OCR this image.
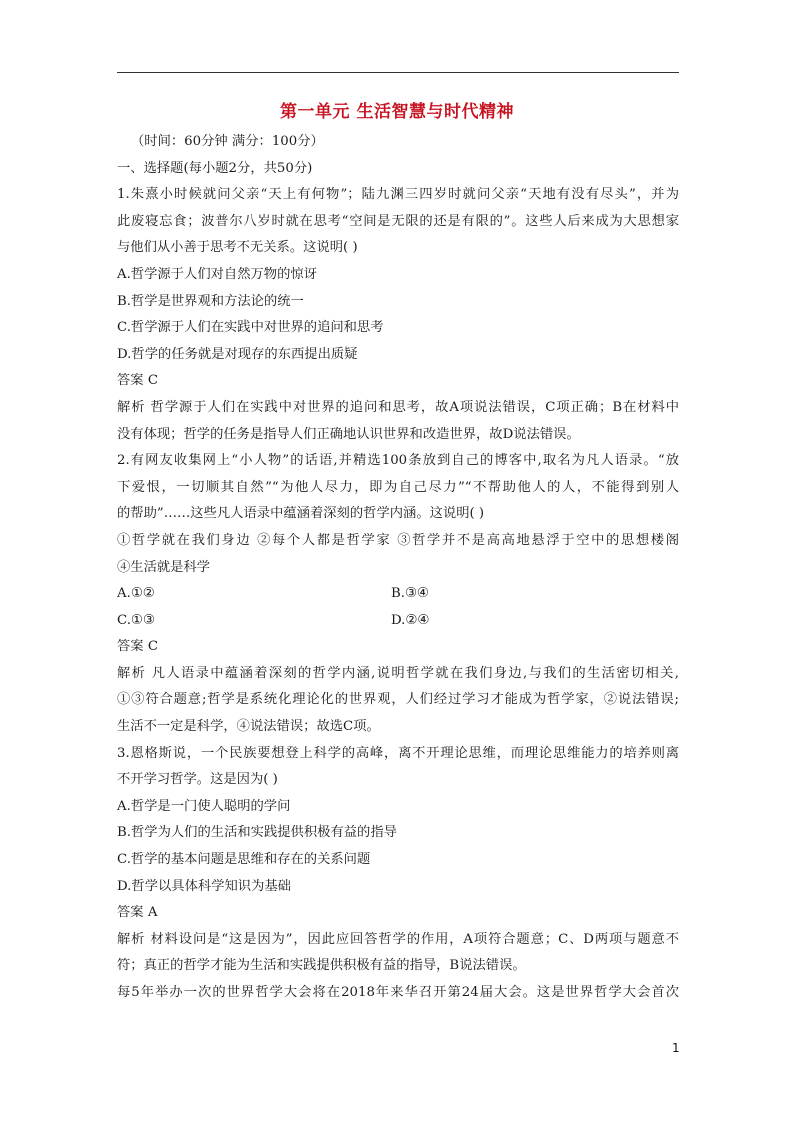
第一单元 生活智慧与时代精神
（时间：60分钟 满分：100分）
一、选择题(每小题2分，共50分)
1.朱熹小时候就问父亲“天上有何物”；陆九渊三四岁时就问父亲“天地有没有尽头”，并为
此废寝忘食；波普尔八岁时就在思考“空间是无限的还是有限的”。这些人后来成为大思想家
与他们从小善于思考不无关系。这说明( )
A.哲学源于人们对自然万物的惊讶
B.哲学是世界观和方法论的统一
C.哲学源于人们在实践中对世界的追问和思考
D.哲学的任务就是对现存的东西提出质疑
答案 C
解析 哲学源于人们在实践中对世界的追问和思考，故A项说法错误，C项正确；B在材料中
没有体现；哲学的任务是指导人们正确地认识世界和改造世界，故D说法错误。
2.有网友收集网上“小人物”的话语,并精选100条放到自己的博客中,取名为凡人语录。“放
下爱恨，一切顺其自然”“为他人尽力，即为自己尽力”“不帮助他人的人，不能得到别人
的帮助”……这些凡人语录中蕴涵着深刻的哲学内涵。这说明( )
①哲学就在我们身边 ②每个人都是哲学家 ③哲学并不是高高地悬浮于空中的思想楼阁
④生活就是科学
A.①②	B.③④
C.①③	D.②④
答案 C
解析 凡人语录中蕴涵着深刻的哲学内涵,说明哲学就在我们身边,与我们的生活密切相关,
①③符合题意;哲学是系统化理论化的世界观，人们经过学习才能成为哲学家，②说法错误;
生活不一定是科学，④说法错误；故选C项。
3.恩格斯说，一个民族要想登上科学的高峰，离不开理论思维，而理论思维能力的培养则离
不开学习哲学。这是因为( )
A.哲学是一门使人聪明的学问
B.哲学为人们的生活和实践提供积极有益的指导
C.哲学的基本问题是思维和存在的关系问题
D.哲学以具体科学知识为基础
答案 A
解析 材料设问是“这是因为”，因此应回答哲学的作用，A项符合题意；C、D两项与题意不
符；真正的哲学才能为生活和实践提供积极有益的指导，B说法错误。
每5年举办一次的世界哲学大会将在2018年来华召开第24届大会。这是世界哲学大会首次
1
